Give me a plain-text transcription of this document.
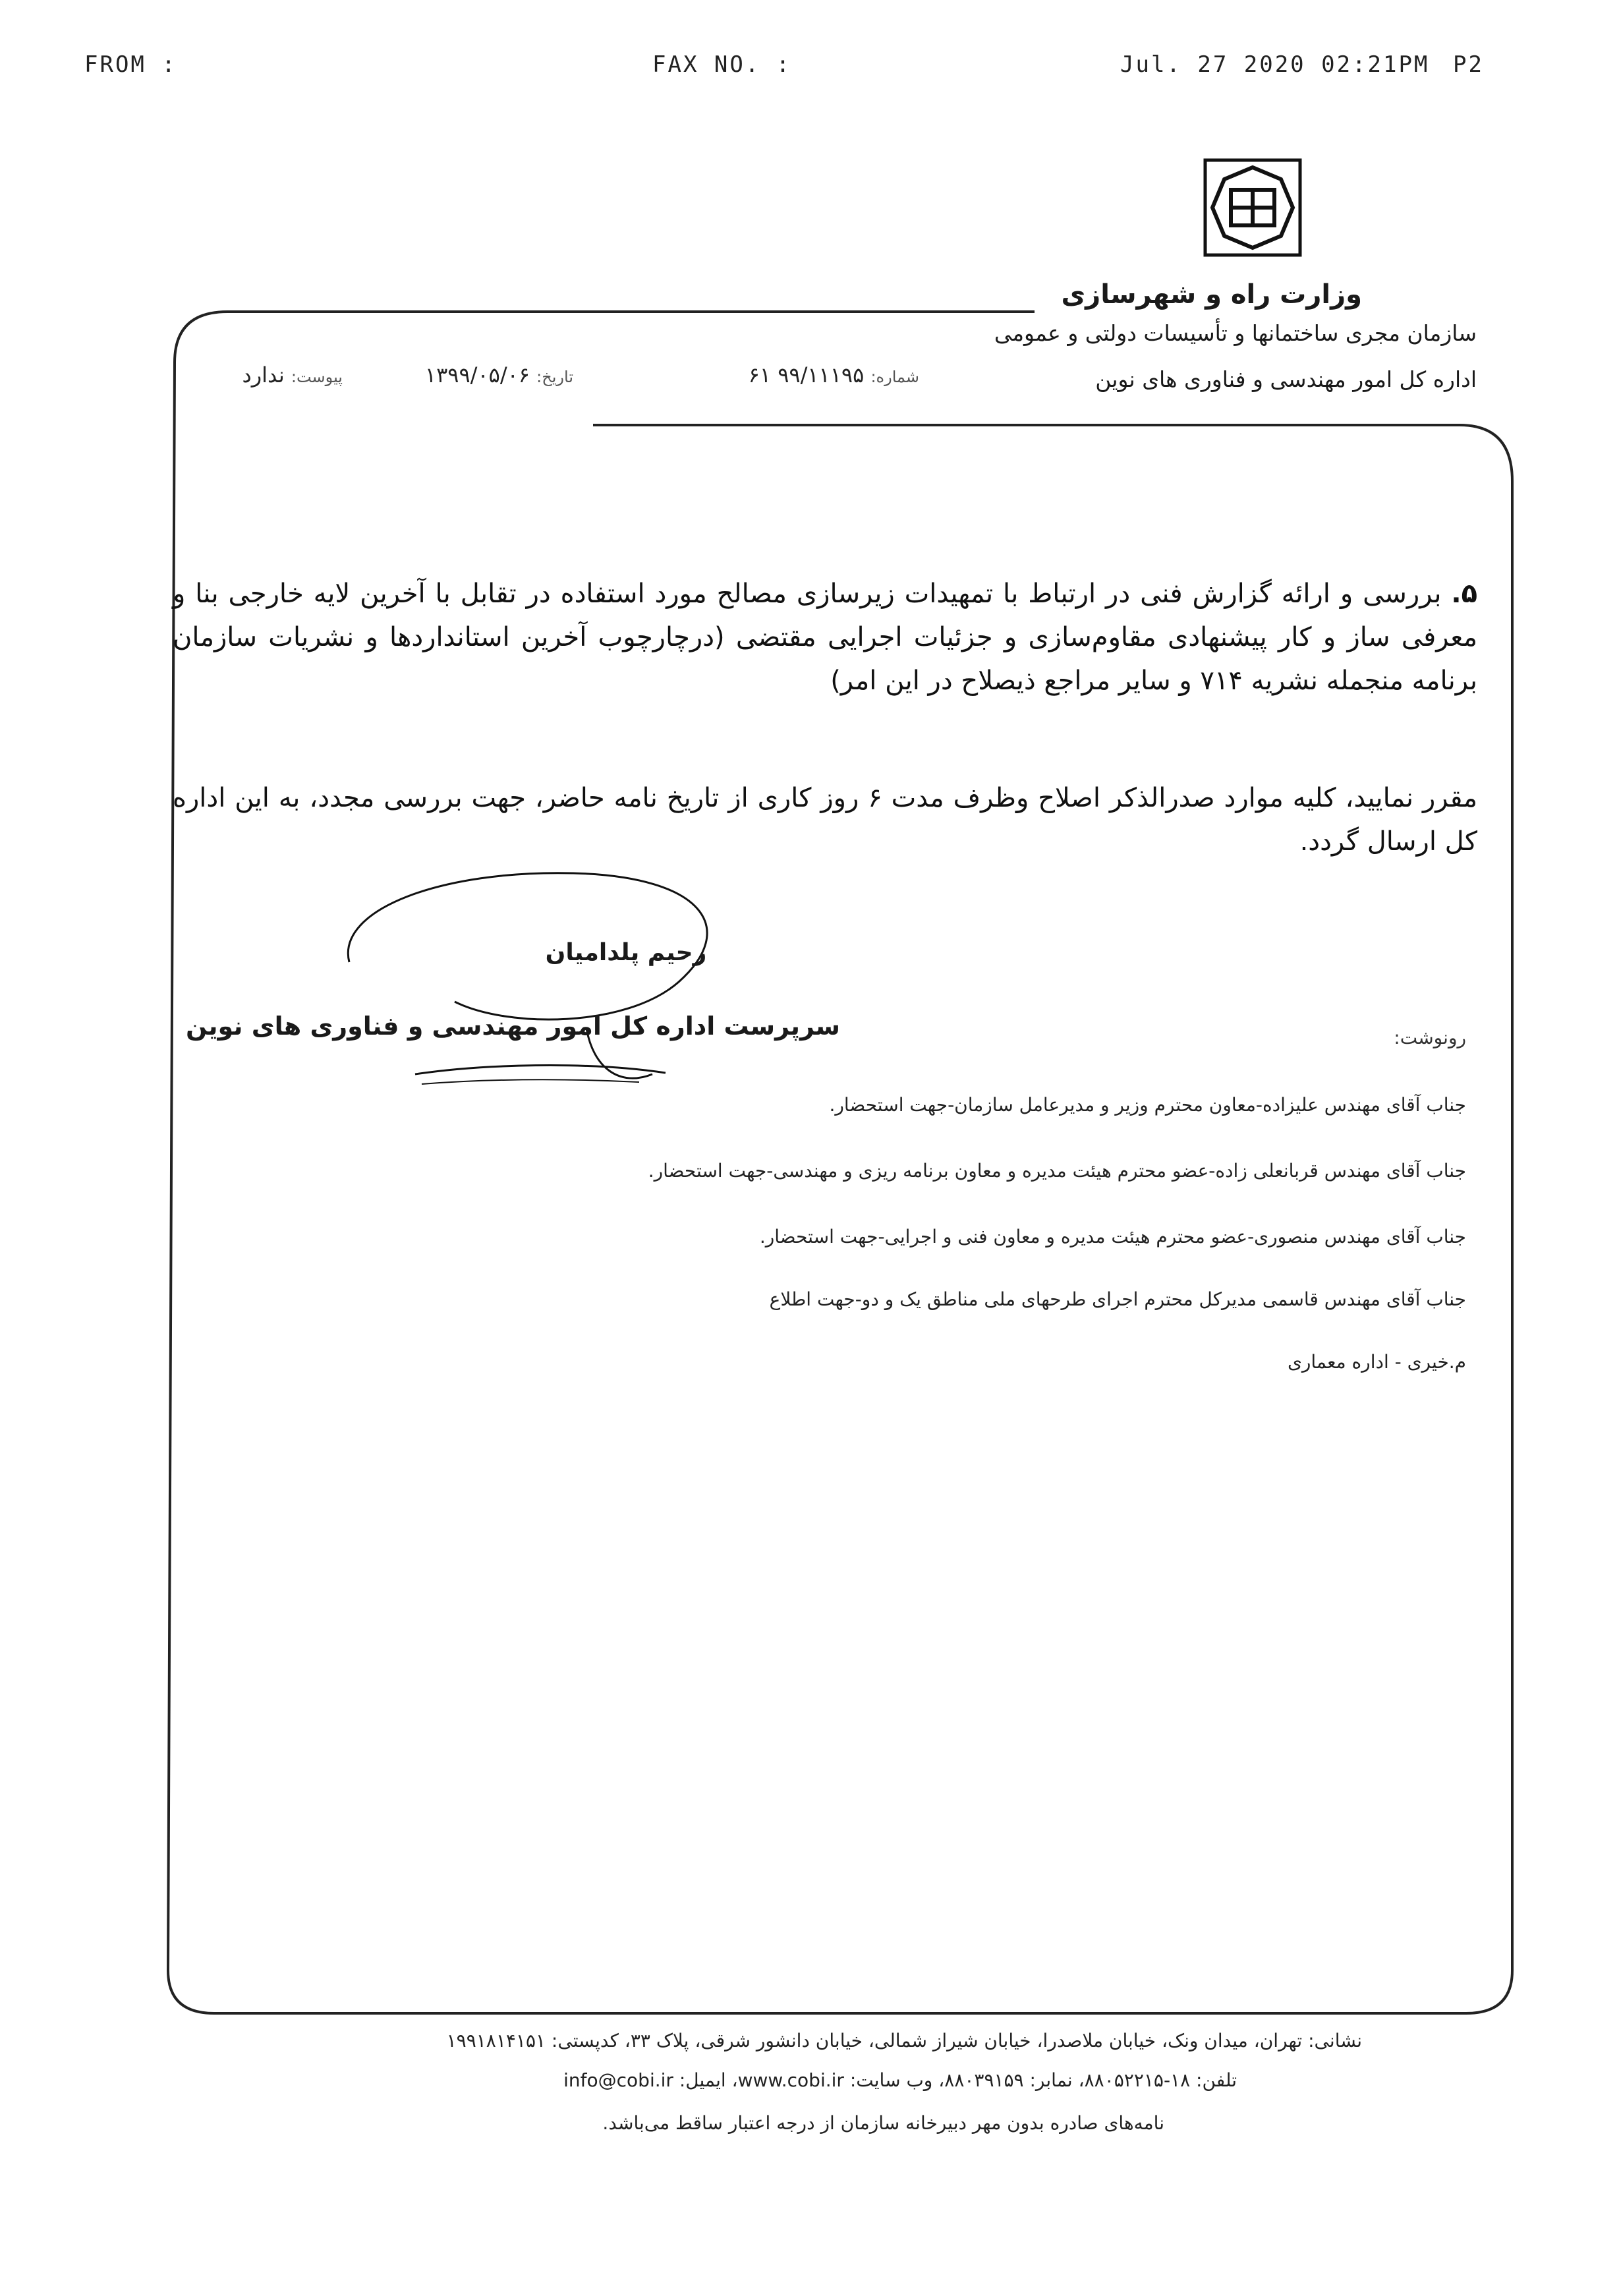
FROM :	FAX NO. :	Jul. 27 2020 02:21PM P2
وزارت راه و شهرسازی
سازمان مجری ساختمانها و تأسیسات دولتی و عمومی
اداره کل امور مهندسی و فناوری های نوین
شماره: ۹۹/۱۱۱۹۵ ۶۱
تاریخ: ۱۳۹۹/۰۵/۰۶
پیوست: ندارد
۵. بررسی و ارائه گزارش فنی در ارتباط با تمهیدات زیرسازی مصالح مورد استفاده در تقابل با آخرین لایه خارجی بنا و معرفی ساز و کار پیشنهادی مقاوم‌سازی و جزئیات اجرایی مقتضی (درچارچوب آخرین استانداردها و نشریات سازمان برنامه منجمله نشریه ۷۱۴ و سایر مراجع ذیصلاح در این امر)
مقرر نمایید، کلیه موارد صدرالذکر اصلاح وظرف مدت ۶ روز کاری از تاریخ نامه حاضر، جهت بررسی مجدد، به این اداره کل ارسال گردد.
رحیم پلدامیان
سرپرست اداره کل امور مهندسی و فناوری های نوین	رونوشت:
جناب آقای مهندس علیزاده-معاون محترم وزیر و مدیرعامل سازمان-جهت استحضار.
جناب آقای مهندس قربانعلی زاده-عضو محترم هیئت مدیره و معاون برنامه ریزی و مهندسی-جهت استحضار.
جناب آقای مهندس منصوری-عضو محترم هیئت مدیره و معاون فنی و اجرایی-جهت استحضار.
جناب آقای مهندس قاسمی مدیرکل محترم اجرای طرحهای ملی مناطق یک و دو-جهت اطلاع
م.خیری - اداره معماری
نشانی: تهران، میدان ونک، خیابان ملاصدرا، خیابان شیراز شمالی، خیابان دانشور شرقی، پلاک ۳۳، کدپستی: ۱۹۹۱۸۱۴۱۵۱
تلفن: ۱۸-۸۸۰۵۲۲۱۵، نمابر: ۸۸۰۳۹۱۵۹، وب سایت: www.cobi.ir، ایمیل: info@cobi.ir
نامه‌های صادره بدون مهر دبیرخانه سازمان از درجه اعتبار ساقط می‌باشد.
